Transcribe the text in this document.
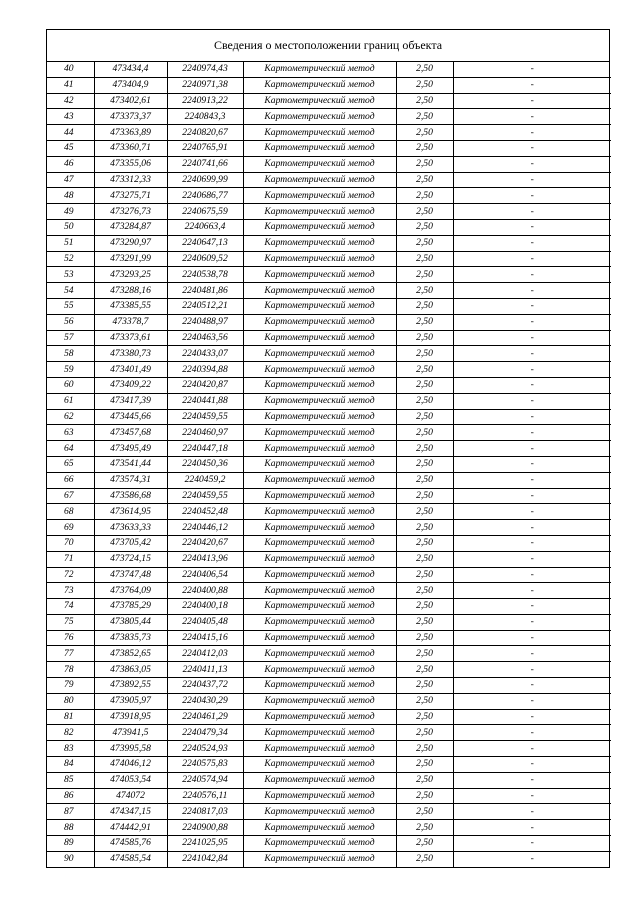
Сведения о местоположении границ объекта
40	473434,4	2240974,43	Картометрический метод	2,50	-
41	473404,9	2240971,38	Картометрический метод	2,50	-
42	473402,61	2240913,22	Картометрический метод	2,50	-
43	473373,37	2240843,3	Картометрический метод	2,50	-
44	473363,89	2240820,67	Картометрический метод	2,50	-
45	473360,71	2240765,91	Картометрический метод	2,50	-
46	473355,06	2240741,66	Картометрический метод	2,50	-
47	473312,33	2240699,99	Картометрический метод	2,50	-
48	473275,71	2240686,77	Картометрический метод	2,50	-
49	473276,73	2240675,59	Картометрический метод	2,50	-
50	473284,87	2240663,4	Картометрический метод	2,50	-
51	473290,97	2240647,13	Картометрический метод	2,50	-
52	473291,99	2240609,52	Картометрический метод	2,50	-
53	473293,25	2240538,78	Картометрический метод	2,50	-
54	473288,16	2240481,86	Картометрический метод	2,50	-
55	473385,55	2240512,21	Картометрический метод	2,50	-
56	473378,7	2240488,97	Картометрический метод	2,50	-
57	473373,61	2240463,56	Картометрический метод	2,50	-
58	473380,73	2240433,07	Картометрический метод	2,50	-
59	473401,49	2240394,88	Картометрический метод	2,50	-
60	473409,22	2240420,87	Картометрический метод	2,50	-
61	473417,39	2240441,88	Картометрический метод	2,50	-
62	473445,66	2240459,55	Картометрический метод	2,50	-
63	473457,68	2240460,97	Картометрический метод	2,50	-
64	473495,49	2240447,18	Картометрический метод	2,50	-
65	473541,44	2240450,36	Картометрический метод	2,50	-
66	473574,31	2240459,2	Картометрический метод	2,50	-
67	473586,68	2240459,55	Картометрический метод	2,50	-
68	473614,95	2240452,48	Картометрический метод	2,50	-
69	473633,33	2240446,12	Картометрический метод	2,50	-
70	473705,42	2240420,67	Картометрический метод	2,50	-
71	473724,15	2240413,96	Картометрический метод	2,50	-
72	473747,48	2240406,54	Картометрический метод	2,50	-
73	473764,09	2240400,88	Картометрический метод	2,50	-
74	473785,29	2240400,18	Картометрический метод	2,50	-
75	473805,44	2240405,48	Картометрический метод	2,50	-
76	473835,73	2240415,16	Картометрический метод	2,50	-
77	473852,65	2240412,03	Картометрический метод	2,50	-
78	473863,05	2240411,13	Картометрический метод	2,50	-
79	473892,55	2240437,72	Картометрический метод	2,50	-
80	473905,97	2240430,29	Картометрический метод	2,50	-
81	473918,95	2240461,29	Картометрический метод	2,50	-
82	473941,5	2240479,34	Картометрический метод	2,50	-
83	473995,58	2240524,93	Картометрический метод	2,50	-
84	474046,12	2240575,83	Картометрический метод	2,50	-
85	474053,54	2240574,94	Картометрический метод	2,50	-
86	474072	2240576,11	Картометрический метод	2,50	-
87	474347,15	2240817,03	Картометрический метод	2,50	-
88	474442,91	2240900,88	Картометрический метод	2,50	-
89	474585,76	2241025,95	Картометрический метод	2,50	-
90	474585,54	2241042,84	Картометрический метод	2,50	-
